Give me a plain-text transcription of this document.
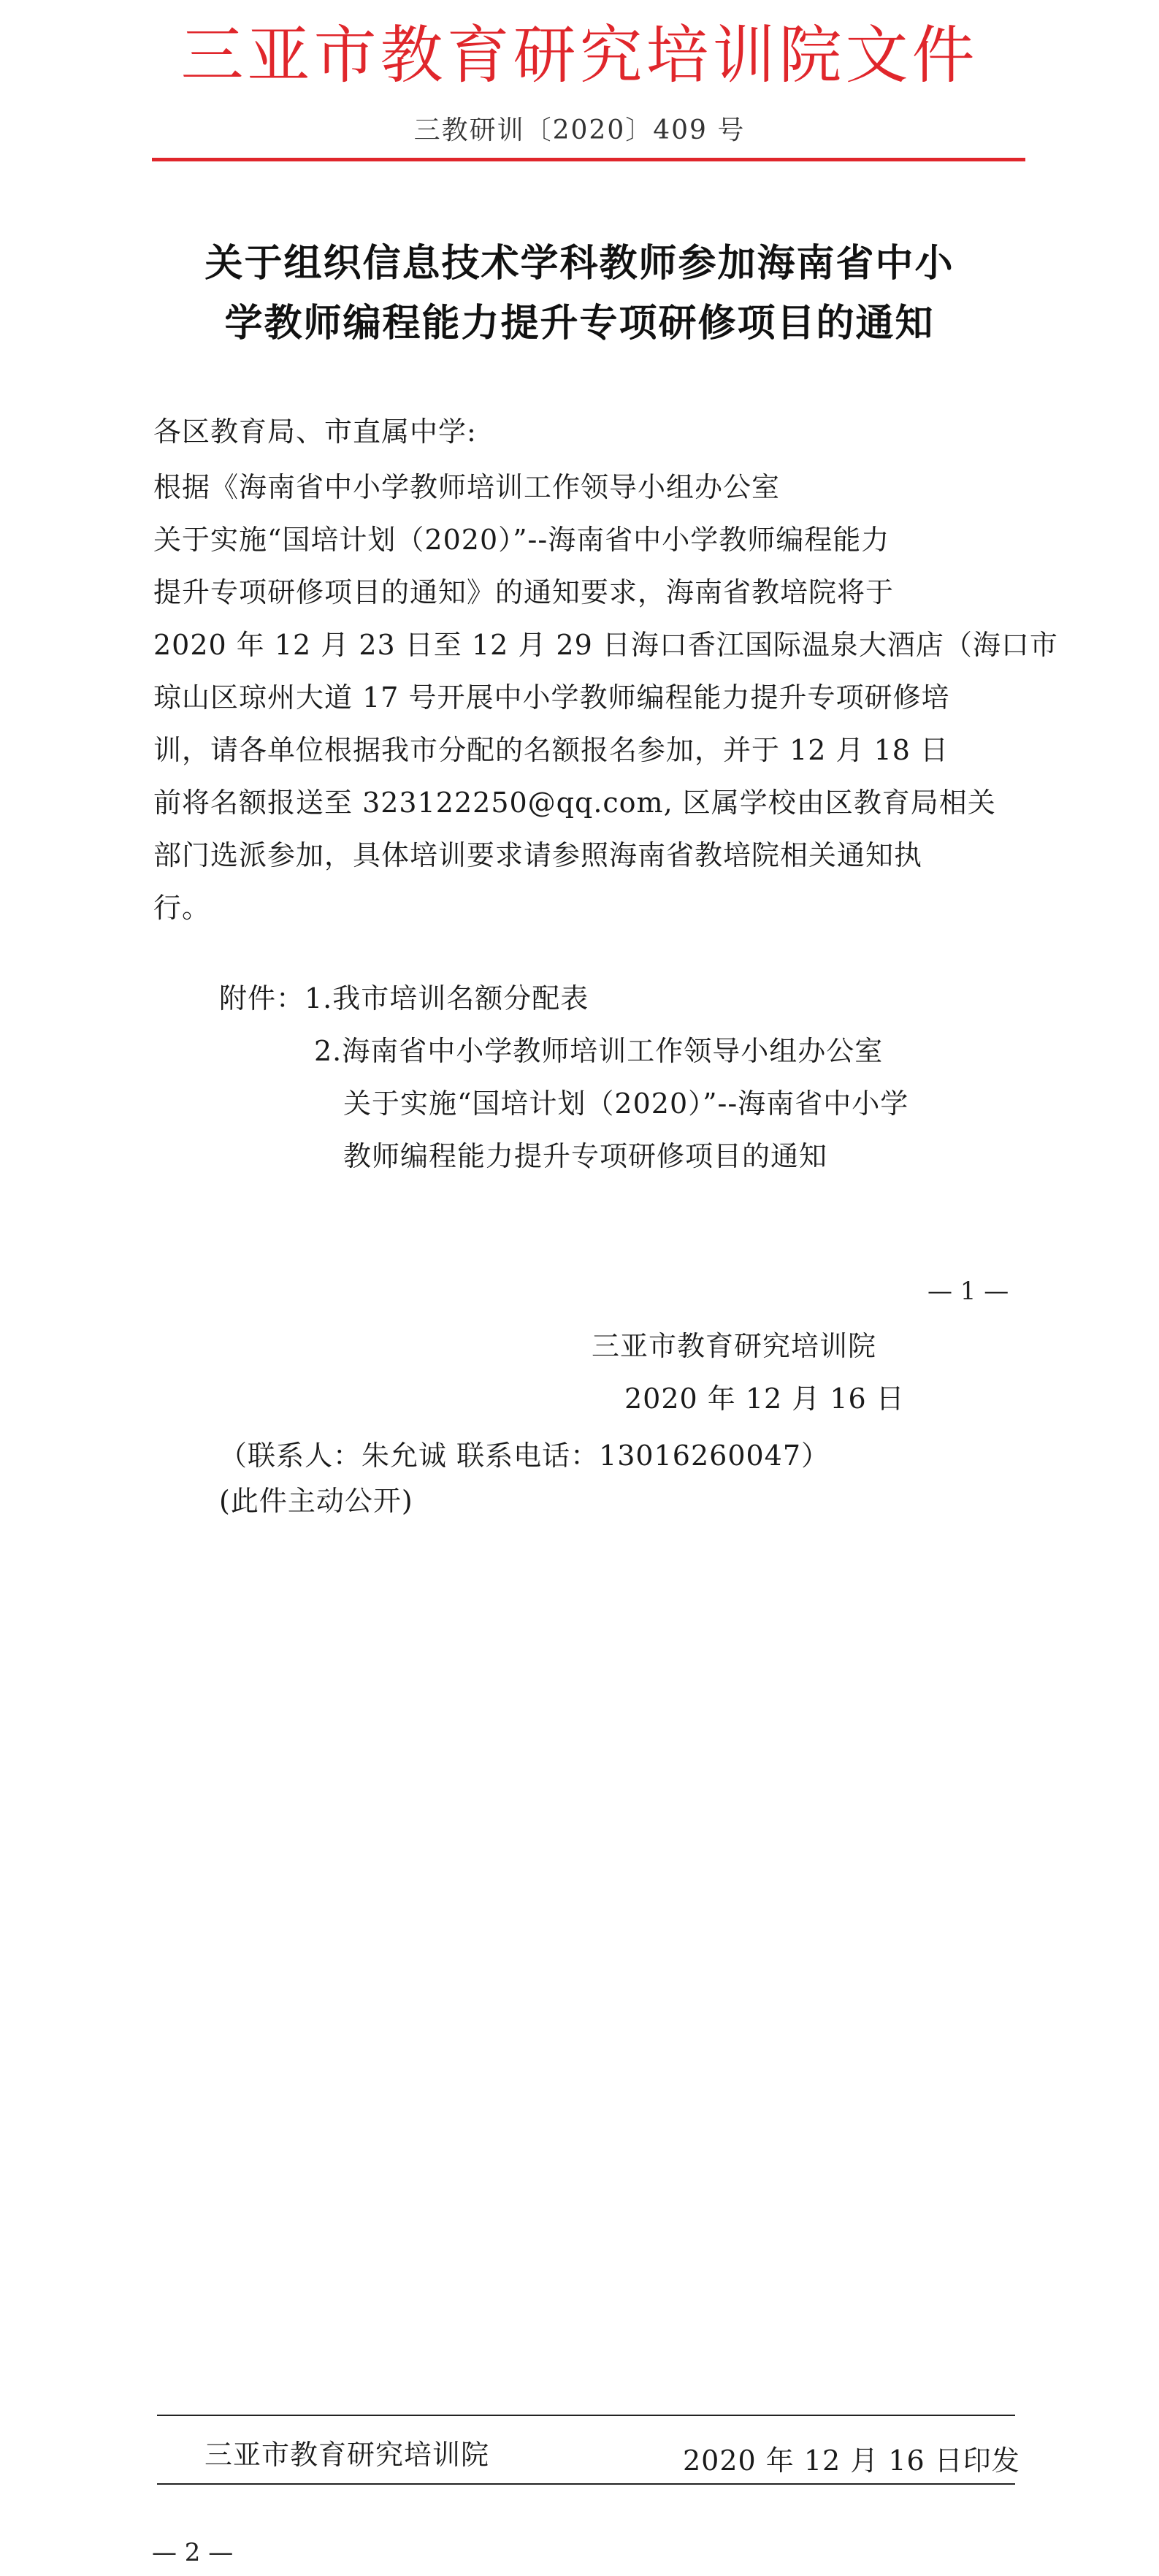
三亚市教育研究培训院文件
三教研训〔2020〕409 号
关于组织信息技术学科教师参加海南省中小
学教师编程能力提升专项研修项目的通知
各区教育局、市直属中学:
根据《海南省中小学教师培训工作领导小组办公室
关于实施“国培计划（2020）”--海南省中小学教师编程能力
提升专项研修项目的通知》的通知要求，海南省教培院将于
2020 年 12 月 23 日至 12 月 29 日海口香江国际温泉大酒店（海口市
琼山区琼州大道 17 号开展中小学教师编程能力提升专项研修培
训，请各单位根据我市分配的名额报名参加，并于 12 月 18 日
前将名额报送至 323122250@qq.com, 区属学校由区教育局相关
部门选派参加，具体培训要求请参照海南省教培院相关通知执
行。
附件：1.我市培训名额分配表
2.海南省中小学教师培训工作领导小组办公室
关于实施“国培计划（2020）”--海南省中小学
教师编程能力提升专项研修项目的通知
— 1 —
三亚市教育研究培训院
2020 年 12 月 16 日
（联系人：朱允诚 联系电话：13016260047）
(此件主动公开)
三亚市教育研究培训院	2020 年 12 月 16 日印发
— 2 —
